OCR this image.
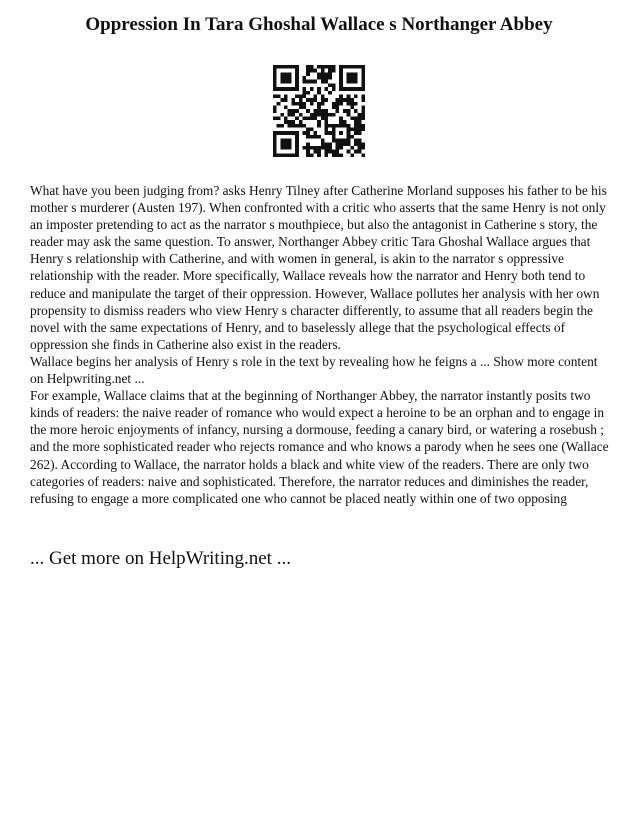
Oppression In Tara Ghoshal Wallace s Northanger Abbey

What have you been judging from? asks Henry Tilney after Catherine Morland supposes his father to be his mother s murderer (Austen 197). When confronted with a critic who asserts that the same Henry is not only an imposter pretending to act as the narrator s mouthpiece, but also the antagonist in Catherine s story, the reader may ask the same question. To answer, Northanger Abbey critic Tara Ghoshal Wallace argues that Henry s relationship with Catherine, and with women in general, is akin to the narrator s oppressive relationship with the reader. More specifically, Wallace reveals how the narrator and Henry both tend to reduce and manipulate the target of their oppression. However, Wallace pollutes her analysis with her own propensity to dismiss readers who view Henry s character differently, to assume that all readers begin the novel with the same expectations of Henry, and to baselessly allege that the psychological effects of oppression she finds in Catherine also exist in the readers.

Wallace begins her analysis of Henry s role in the text by revealing how he feigns a ... Show more content on Helpwriting.net ...

For example, Wallace claims that at the beginning of Northanger Abbey, the narrator instantly posits two kinds of readers: the naive reader of romance who would expect a heroine to be an orphan and to engage in the more heroic enjoyments of infancy, nursing a dormouse, feeding a canary bird, or watering a rosebush ; and the more sophisticated reader who rejects romance and who knows a parody when he sees one (Wallace 262). According to Wallace, the narrator holds a black and white view of the readers. There are only two categories of readers: naive and sophisticated. Therefore, the narrator reduces and diminishes the reader, refusing to engage a more complicated one who cannot be placed neatly within one of two opposing

... Get more on HelpWriting.net ...
